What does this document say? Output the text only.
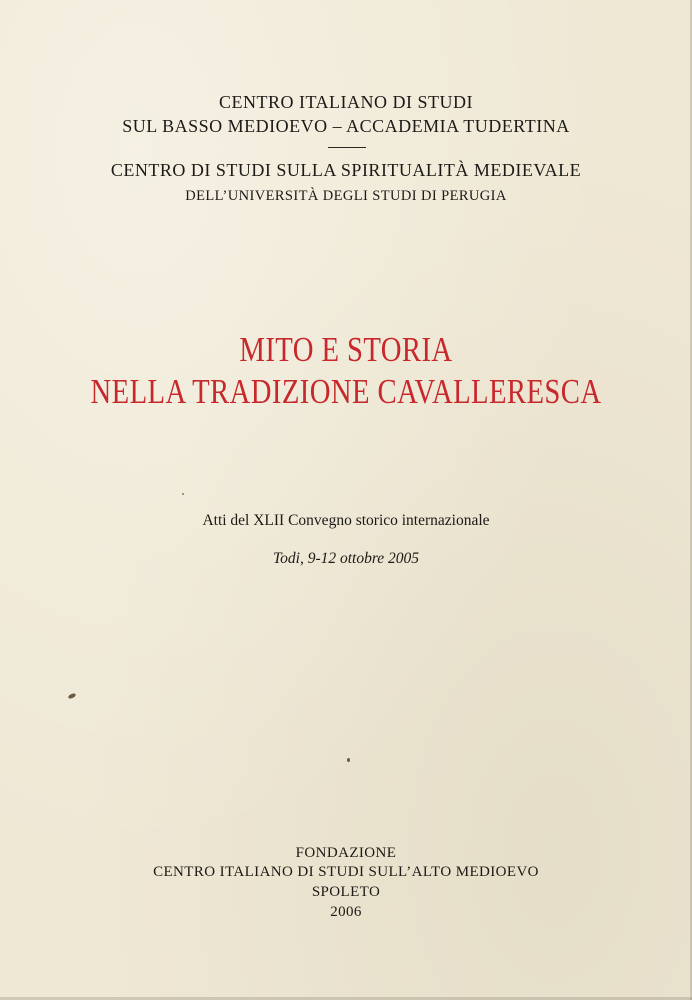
CENTRO ITALIANO DI STUDI
SUL BASSO MEDIOEVO – ACCADEMIA TUDERTINA
CENTRO DI STUDI SULLA SPIRITUALITÀ MEDIEVALE
DELL’UNIVERSITÀ DEGLI STUDI DI PERUGIA
MITO E STORIA
NELLA TRADIZIONE CAVALLERESCA
Atti del XLII Convegno storico internazionale
Todi, 9-12 ottobre 2005
FONDAZIONE
CENTRO ITALIANO DI STUDI SULL’ALTO MEDIOEVO
SPOLETO
2006
